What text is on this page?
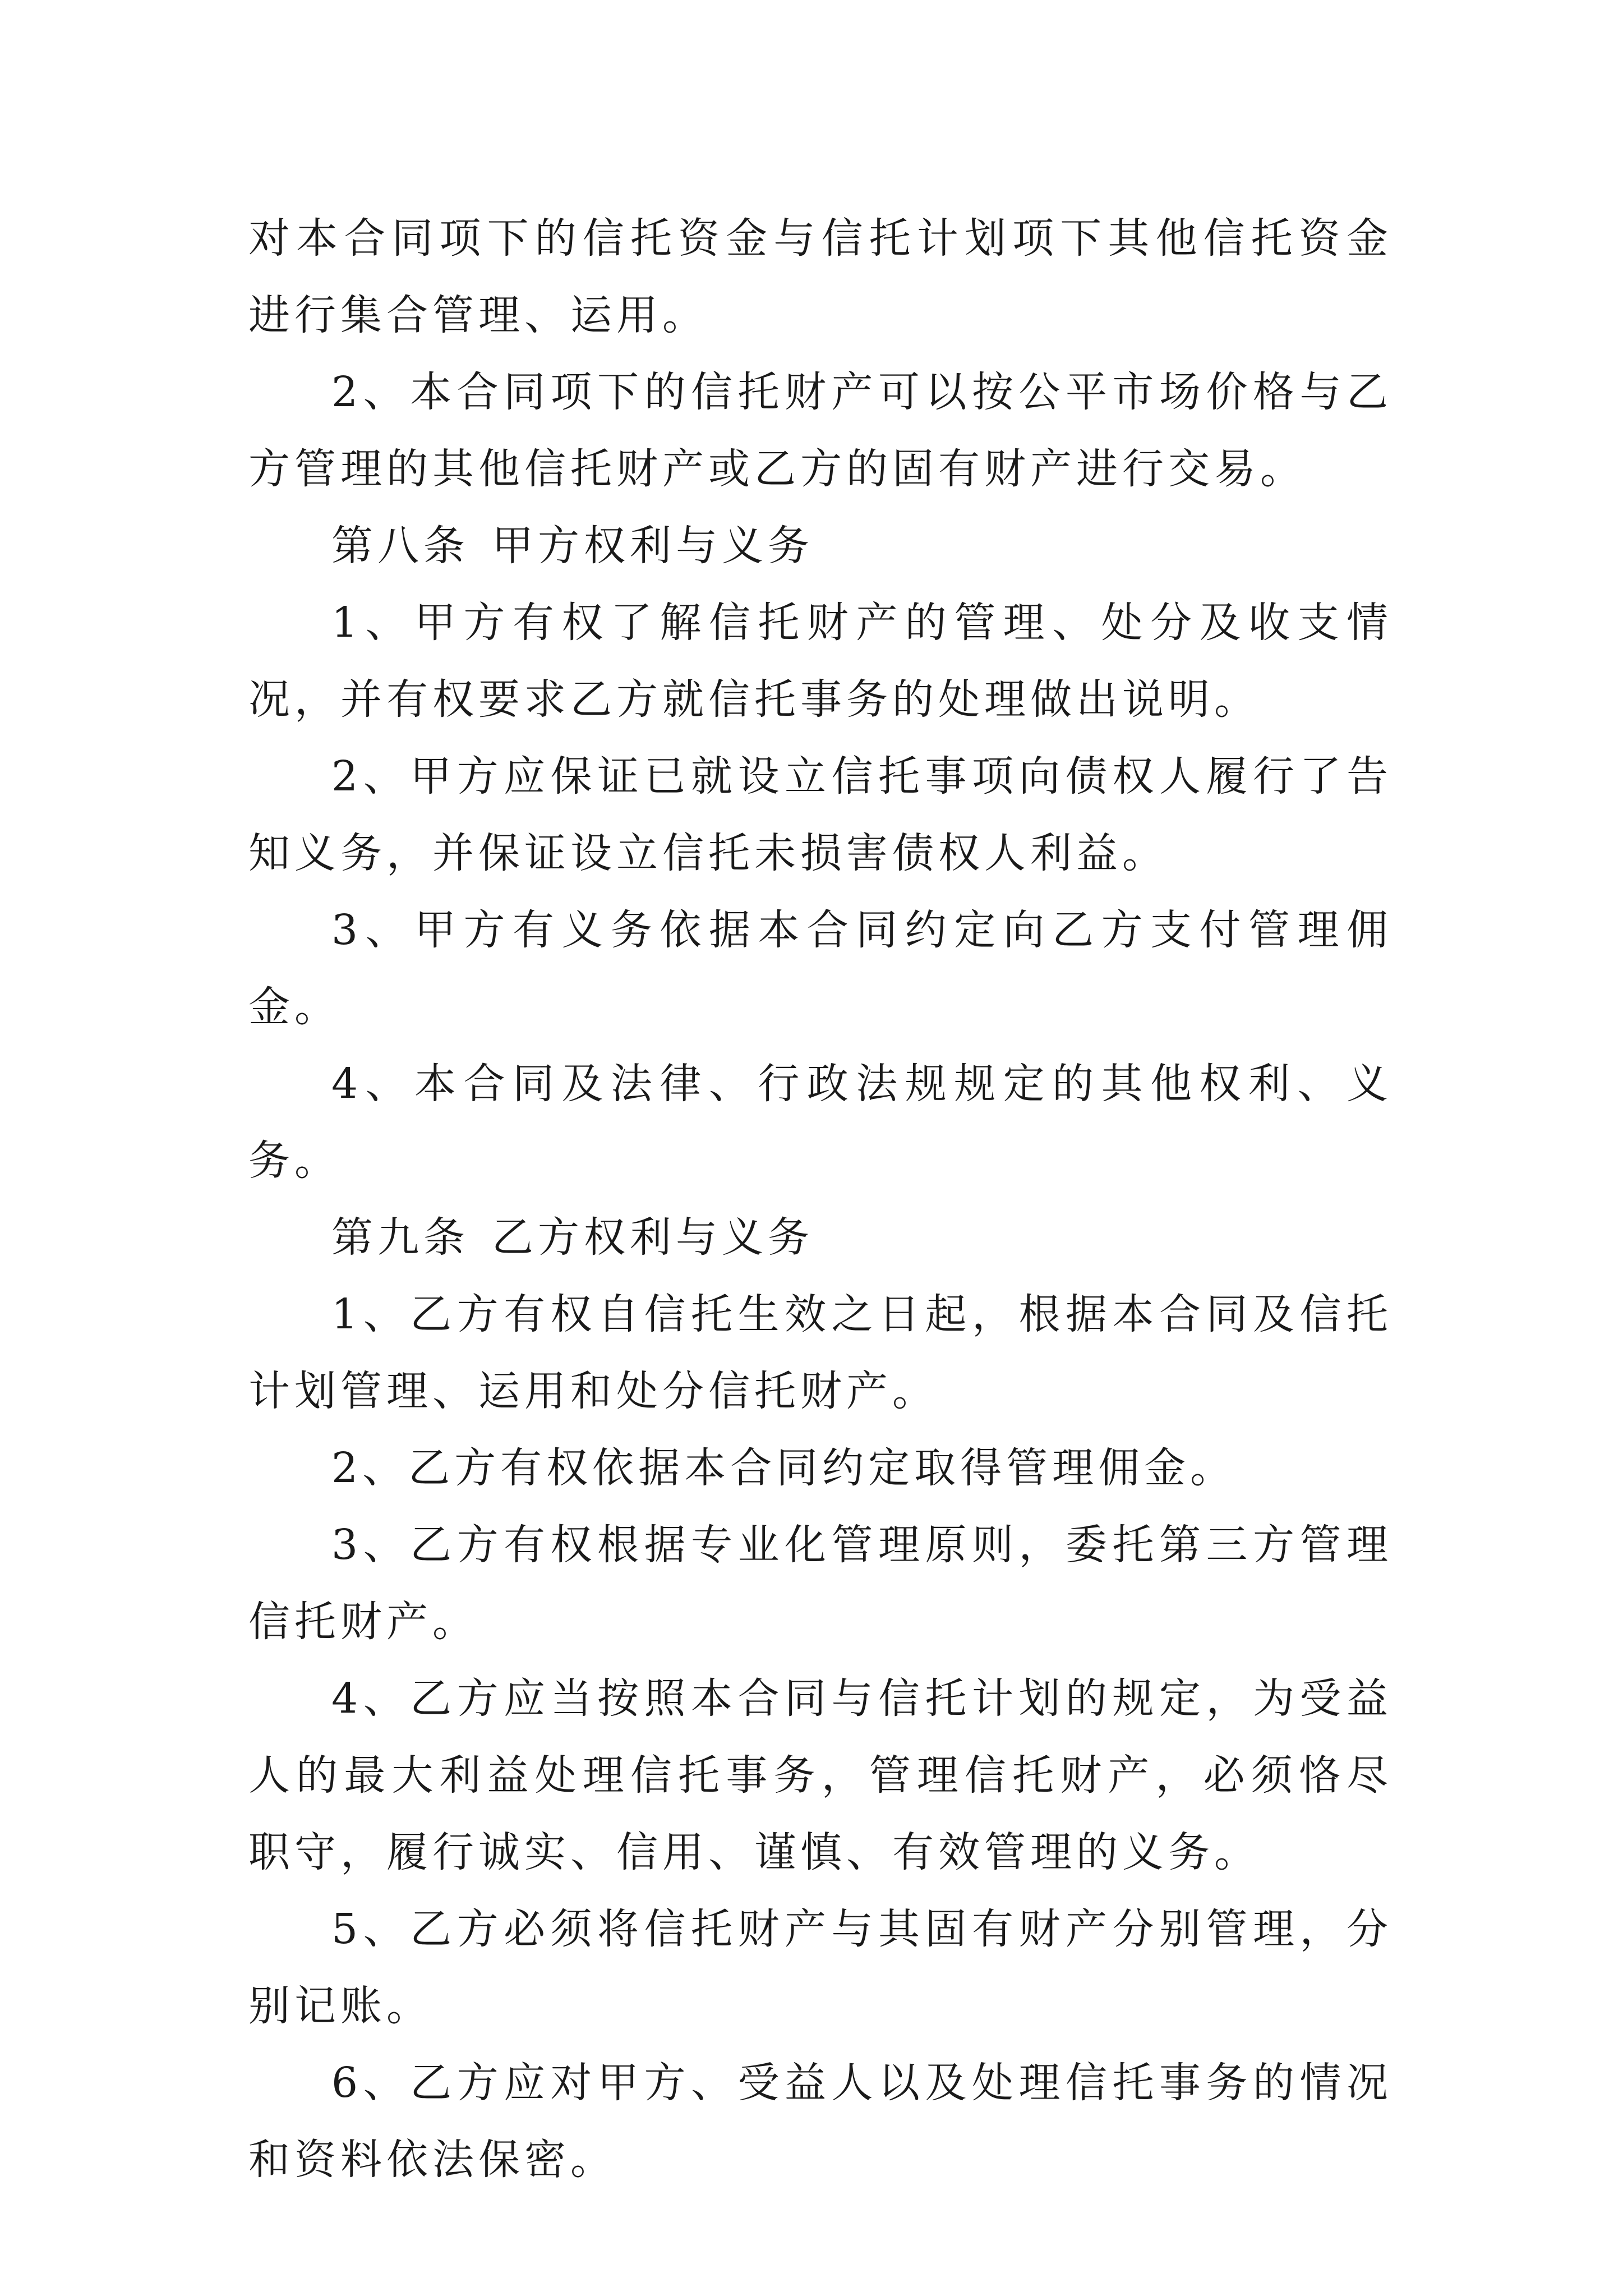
对本合同项下的信托资金与信托计划项下其他信托资金进行集合管理、运用。

2、本合同项下的信托财产可以按公平市场价格与乙方管理的其他信托财产或乙方的固有财产进行交易。

第八条 甲方权利与义务

1、甲方有权了解信托财产的管理、处分及收支情况，并有权要求乙方就信托事务的处理做出说明。

2、甲方应保证已就设立信托事项向债权人履行了告知义务，并保证设立信托未损害债权人利益。

3、甲方有义务依据本合同约定向乙方支付管理佣金。

4、本合同及法律、行政法规规定的其他权利、义务。

第九条 乙方权利与义务

1、乙方有权自信托生效之日起，根据本合同及信托计划管理、运用和处分信托财产。

2、乙方有权依据本合同约定取得管理佣金。

3、乙方有权根据专业化管理原则，委托第三方管理信托财产。

4、乙方应当按照本合同与信托计划的规定，为受益人的最大利益处理信托事务，管理信托财产，必须恪尽职守，履行诚实、信用、谨慎、有效管理的义务。

5、乙方必须将信托财产与其固有财产分别管理，分别记账。

6、乙方应对甲方、受益人以及处理信托事务的情况和资料依法保密。
